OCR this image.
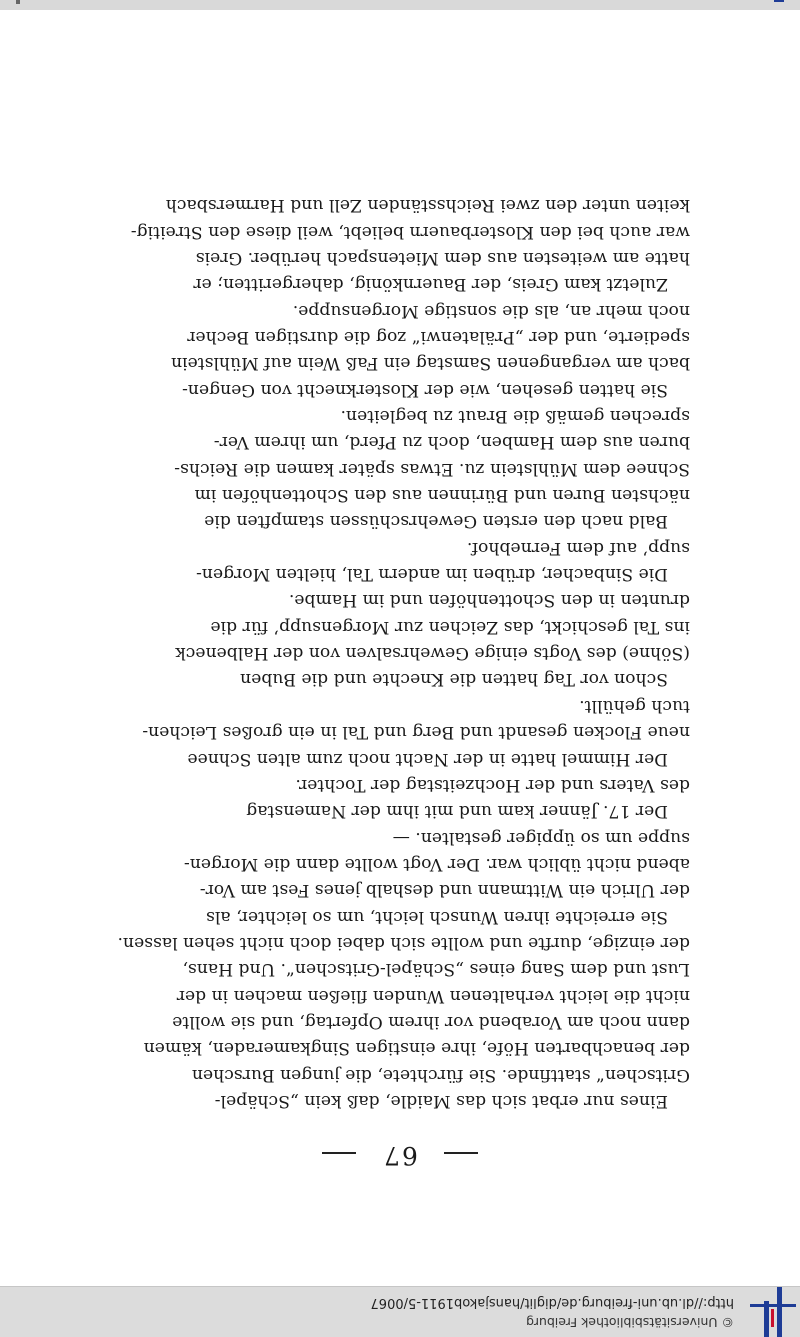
67
Eines nur erbat sich das Maidle, daß kein „Schäpel-
Gritschen“ stattfinde. Sie fürchtete, die jungen Burschen
der benachbarten Höfe, ihre einstigen Singkameraden, kämen
dann noch am Vorabend vor ihrem Opfertag, und sie wollte
nicht die leicht verhaltenen Wunden fließen machen in der
Lust und dem Sang eines „Schäpel-Gritschen“. Und Hans,
der einzige, durfte und wollte sich dabei doch nicht sehen lassen.
Sie erreichte ihren Wunsch leicht, um so leichter, als
der Ulrich ein Wittmann und deshalb jenes Fest am Vor-
abend nicht üblich war. Der Vogt wollte dann die Morgen-
suppe um so üppiger gestalten. —
Der 17. Jänner kam und mit ihm der Namenstag
des Vaters und der Hochzeitstag der Tochter.
Der Himmel hatte in der Nacht noch zum alten Schnee
neue Flocken gesandt und Berg und Tal in ein großes Leichen-
tuch gehüllt.
Schon vor Tag hatten die Knechte und die Buben
(Söhne) des Vogts einige Gewehrsalven von der Halbeneck
ins Tal geschickt, das Zeichen zur Morgensupp’ für die
drunten in den Schottenhöfen und im Hambe.
Die Sinbacher, drüben im andern Tal, hielten Morgen-
supp’ auf dem Fernebhof.
Bald nach den ersten Gewehrschüssen stampften die
nächsten Buren und Bürinnen aus den Schottenhöfen im
Schnee dem Mühlstein zu. Etwas später kamen die Reichs-
buren aus dem Hamben, doch zu Pferd, um ihrem Ver-
sprechen gemäß die Braut zu begleiten.
Sie hatten gesehen, wie der Klosterknecht von Gengen-
bach am vergangenen Samstag ein Faß Wein auf Mühlstein
spedierte, und der „Prälatenwi“ zog die durstigen Becher
noch mehr an, als die sonstige Morgensuppe.
Zuletzt kam Greis, der Bauernkönig, dahergeritten; er
hatte am weitesten aus dem Mietenspach herüber. Greis
war auch bei den Klosterbauern beliebt, weil diese den Streitig-
keiten unter den zwei Reichsständen Zell und Harmersbach
© Universitätsbibliothek Freiburg
http://dl.ub.uni-freiburg.de/diglit/hansjakob1911-5/0067
